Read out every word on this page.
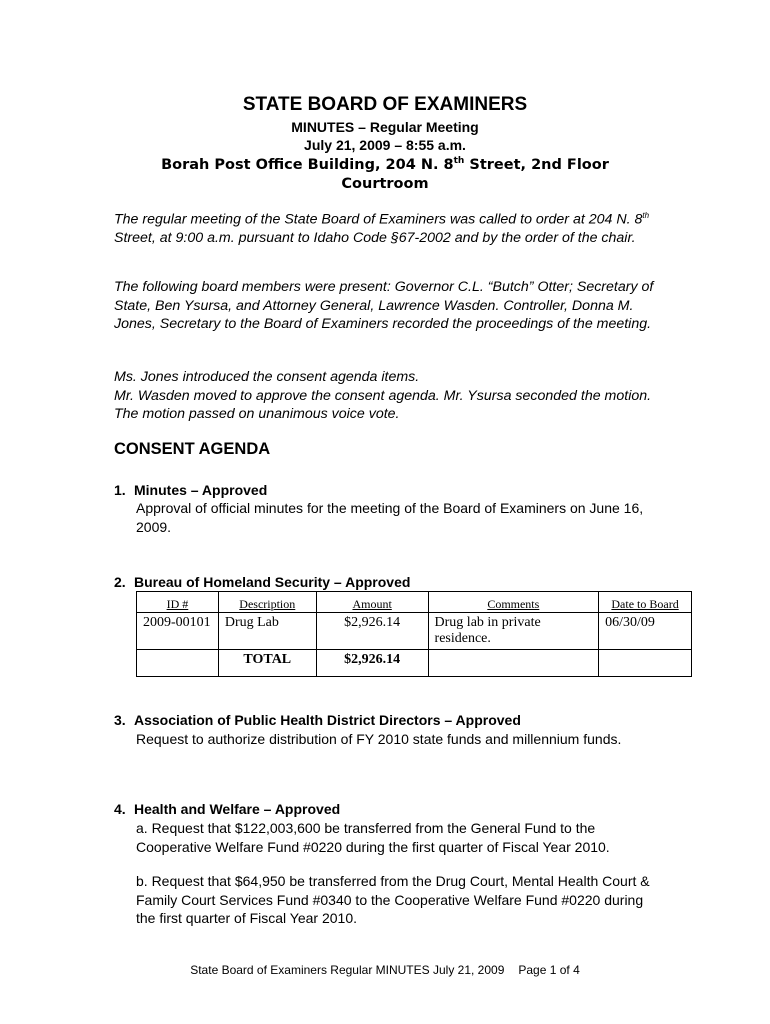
STATE BOARD OF EXAMINERS
MINUTES – Regular Meeting
July 21, 2009 – 8:55 a.m.
Borah Post Office Building, 204 N. 8th Street, 2nd Floor
Courtroom

The regular meeting of the State Board of Examiners was called to order at 204 N. 8th Street, at 9:00 a.m. pursuant to Idaho Code §67-2002 and by the order of the chair.

The following board members were present: Governor C.L. “Butch” Otter; Secretary of State, Ben Ysursa, and Attorney General, Lawrence Wasden. Controller, Donna M. Jones, Secretary to the Board of Examiners recorded the proceedings of the meeting.

Ms. Jones introduced the consent agenda items.

Mr. Wasden moved to approve the consent agenda. Mr. Ysursa seconded the motion. The motion passed on unanimous voice vote.

CONSENT AGENDA
1. Minutes – Approved

Approval of official minutes for the meeting of the Board of Examiners on June 16, 2009.

2. Bureau of Homeland Security – Approved
ID #	Description	Amount	Comments	Date to Board
2009-00101	Drug Lab	$2,926.14	Drug lab in private residence.	06/30/09
	TOTAL	$2,926.14		
3. Association of Public Health District Directors – Approved

Request to authorize distribution of FY 2010 state funds and millennium funds.

4. Health and Welfare – Approved

a. Request that $122,003,600 be transferred from the General Fund to the Cooperative Welfare Fund #0220 during the first quarter of Fiscal Year 2010.

b. Request that $64,950 be transferred from the Drug Court, Mental Health Court & Family Court Services Fund #0340 to the Cooperative Welfare Fund #0220 during the first quarter of Fiscal Year 2010.

State Board of Examiners Regular MINUTES July 21, 2009 Page 1 of 4
